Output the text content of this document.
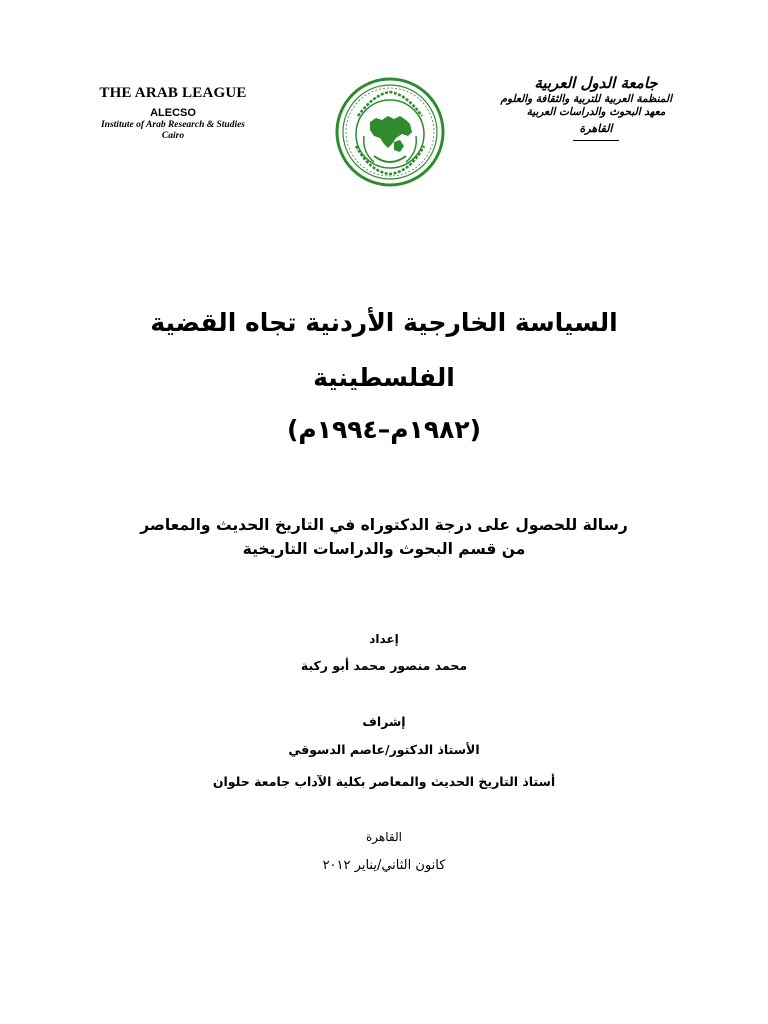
THE ARAB LEAGUE
ALECSO
Institute of Arab Research & Studies
Cairo
جامعة الدول العربية
المنظمة العربية للتربية والثقافة والعلوم
معهد البحوث والدراسات العربية
القاهرة
السياسة الخارجية الأردنية تجاه القضية
الفلسطينية
(١٩٨٢م–١٩٩٤م)
رسالة للحصول على درجة الدكتوراه في التاريخ الحديث والمعاصر
من قسم البحوث والدراسات التاريخية
إعداد
محمد منصور محمد أبو ركبة
إشراف
الأستاذ الدكتور/عاصم الدسوقي
أستاذ التاريخ الحديث والمعاصر بكلية الآداب جامعة حلوان
القاهرة
كانون الثاني/يناير ٢٠١٢
